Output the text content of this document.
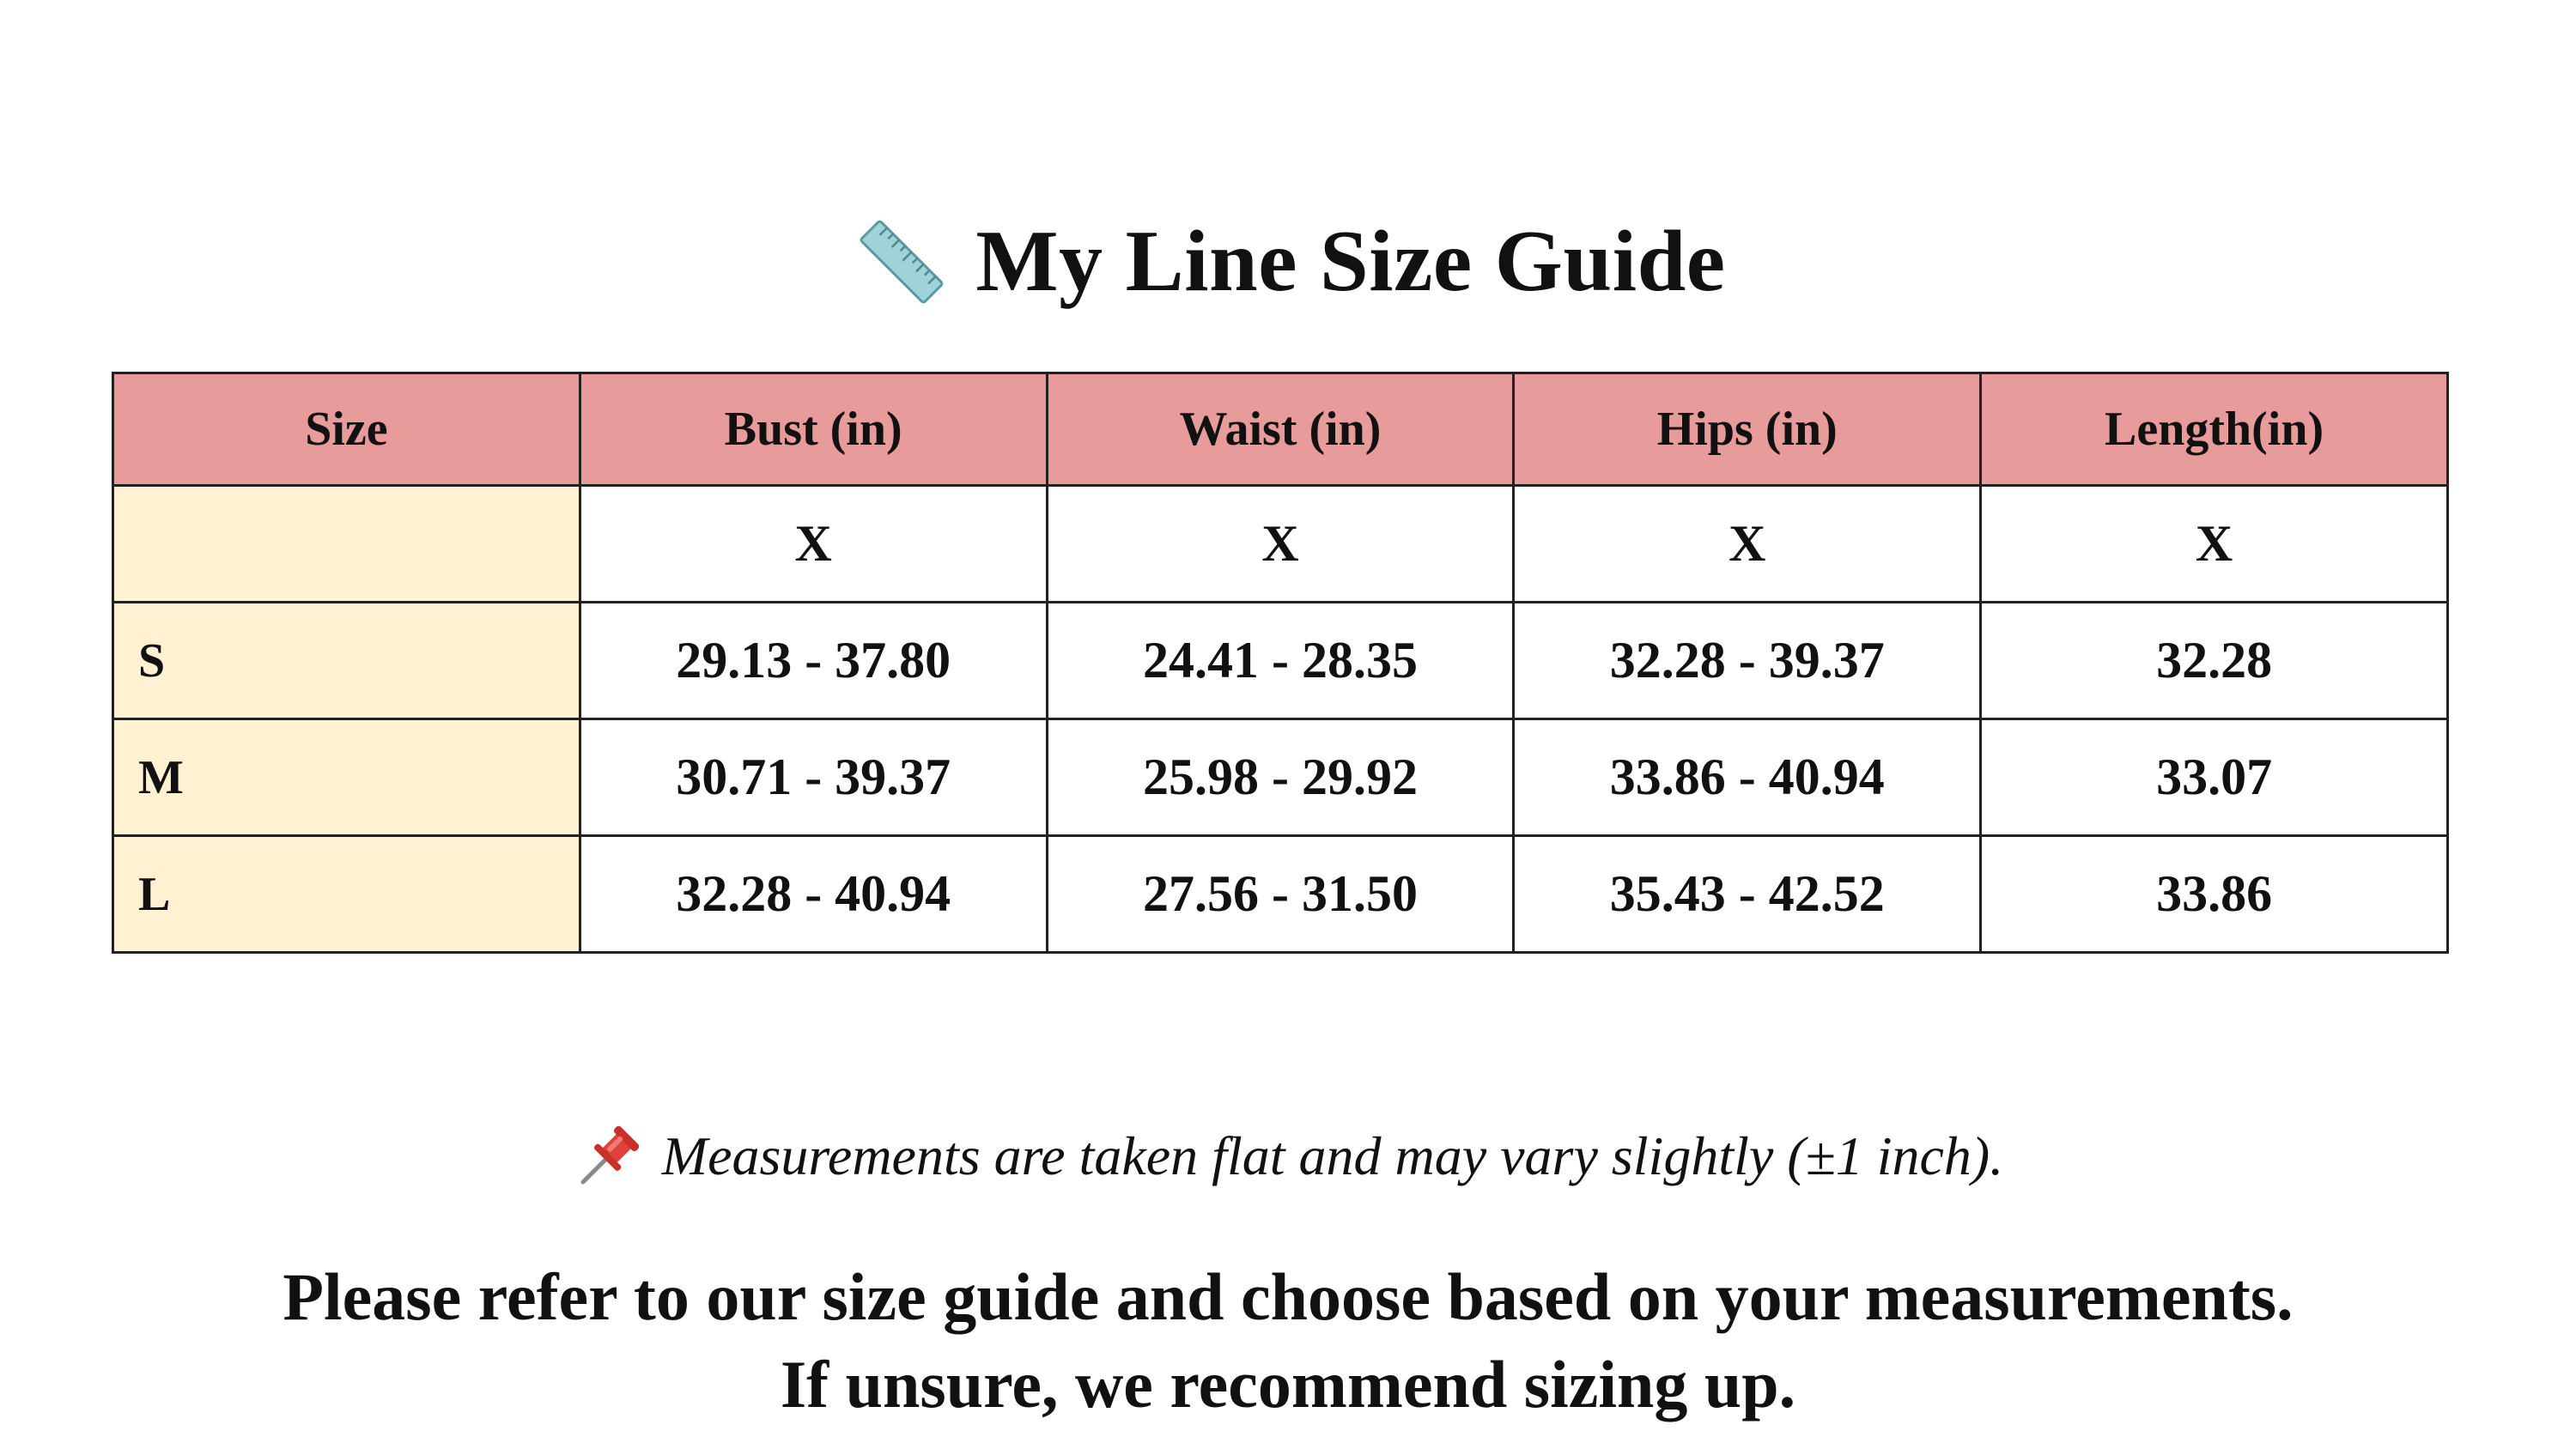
My Line Size Guide
Size	Bust (in)	Waist (in)	Hips (in)	Length(in)
	X	X	X	X
S	29.13 - 37.80	24.41 - 28.35	32.28 - 39.37	32.28
M	30.71 - 39.37	25.98 - 29.92	33.86 - 40.94	33.07
L	32.28 - 40.94	27.56 - 31.50	35.43 - 42.52	33.86
Measurements are taken flat and may vary slightly (±1 inch).
Please refer to our size guide and choose based on your measurements.
If unsure, we recommend sizing up.
